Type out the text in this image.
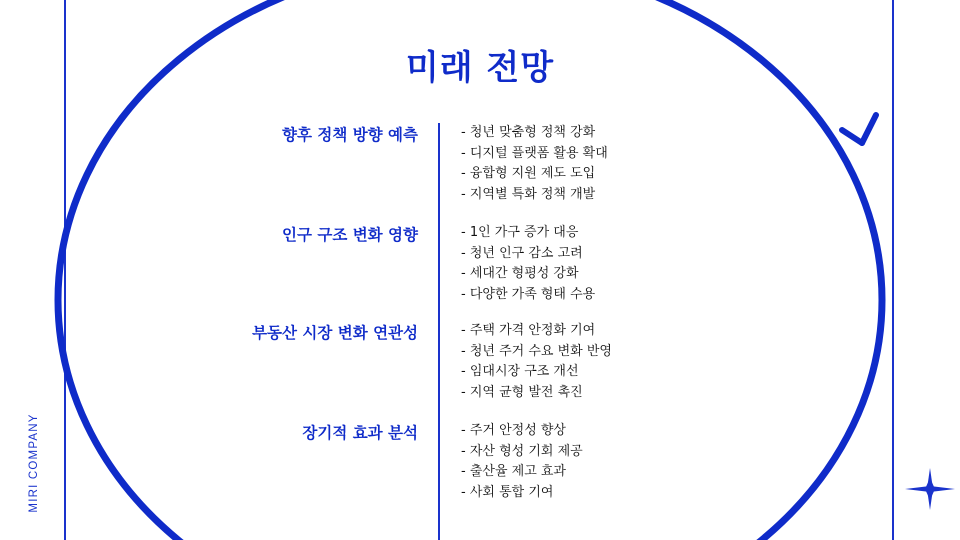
미래 전망
향후 정책 방향 예측	- 청년 맞춤형 정책 강화
- 디지털 플랫폼 활용 확대
- 융합형 지원 제도 도입
- 지역별 특화 정책 개발
인구 구조 변화 영향	- 1인 가구 증가 대응
- 청년 인구 감소 고려
- 세대간 형평성 강화
- 다양한 가족 형태 수용
부동산 시장 변화 연관성	- 주택 가격 안정화 기여
- 청년 주거 수요 변화 반영
- 임대시장 구조 개선
- 지역 균형 발전 촉진
장기적 효과 분석	- 주거 안정성 향상
- 자산 형성 기회 제공
- 출산율 제고 효과
- 사회 통합 기여
MIRI COMPANY
